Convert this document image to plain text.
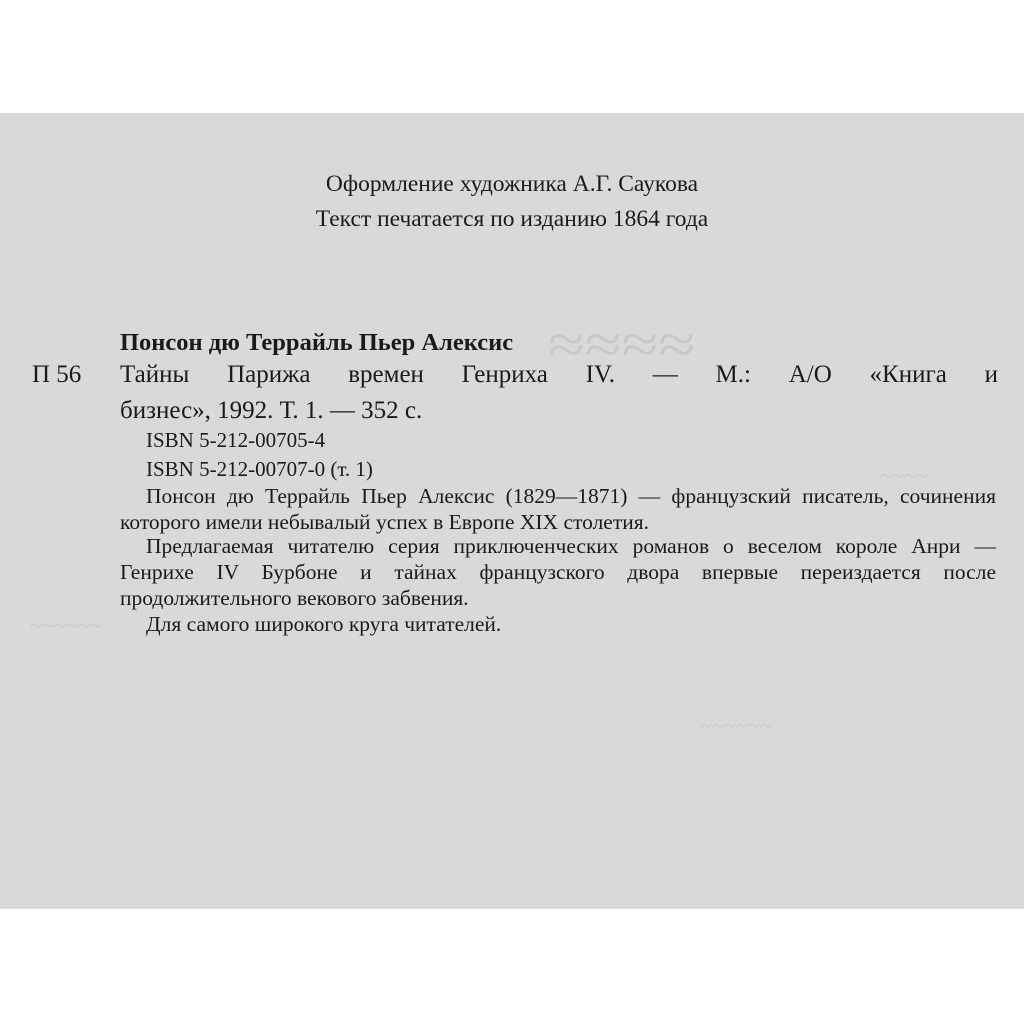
≈≈≈≈
~~~~
~~~~~~
~~~~~~
Оформление художника А.Г. Саукова
Текст печатается по изданию 1864 года
Понсон дю Террайль Пьер Алексис
П 56 Тайны Парижа времен Генриха IV. — М.: А/О «Книга и
бизнес», 1992. Т. 1. — 352 с.
ISBN 5-212-00705-4
ISBN 5-212-00707-0 (т. 1)
Понсон дю Террайль Пьер Алексис (1829—1871) — французский писатель, сочинения которого имели небывалый успех в Европе XIX столетия.
Предлагаемая читателю серия приключенческих романов о веселом короле Анри — Генрихе IV Бурбоне и тайнах французского двора впервые переиздается после продолжительного векового забвения.
Для самого широкого круга читателей.
